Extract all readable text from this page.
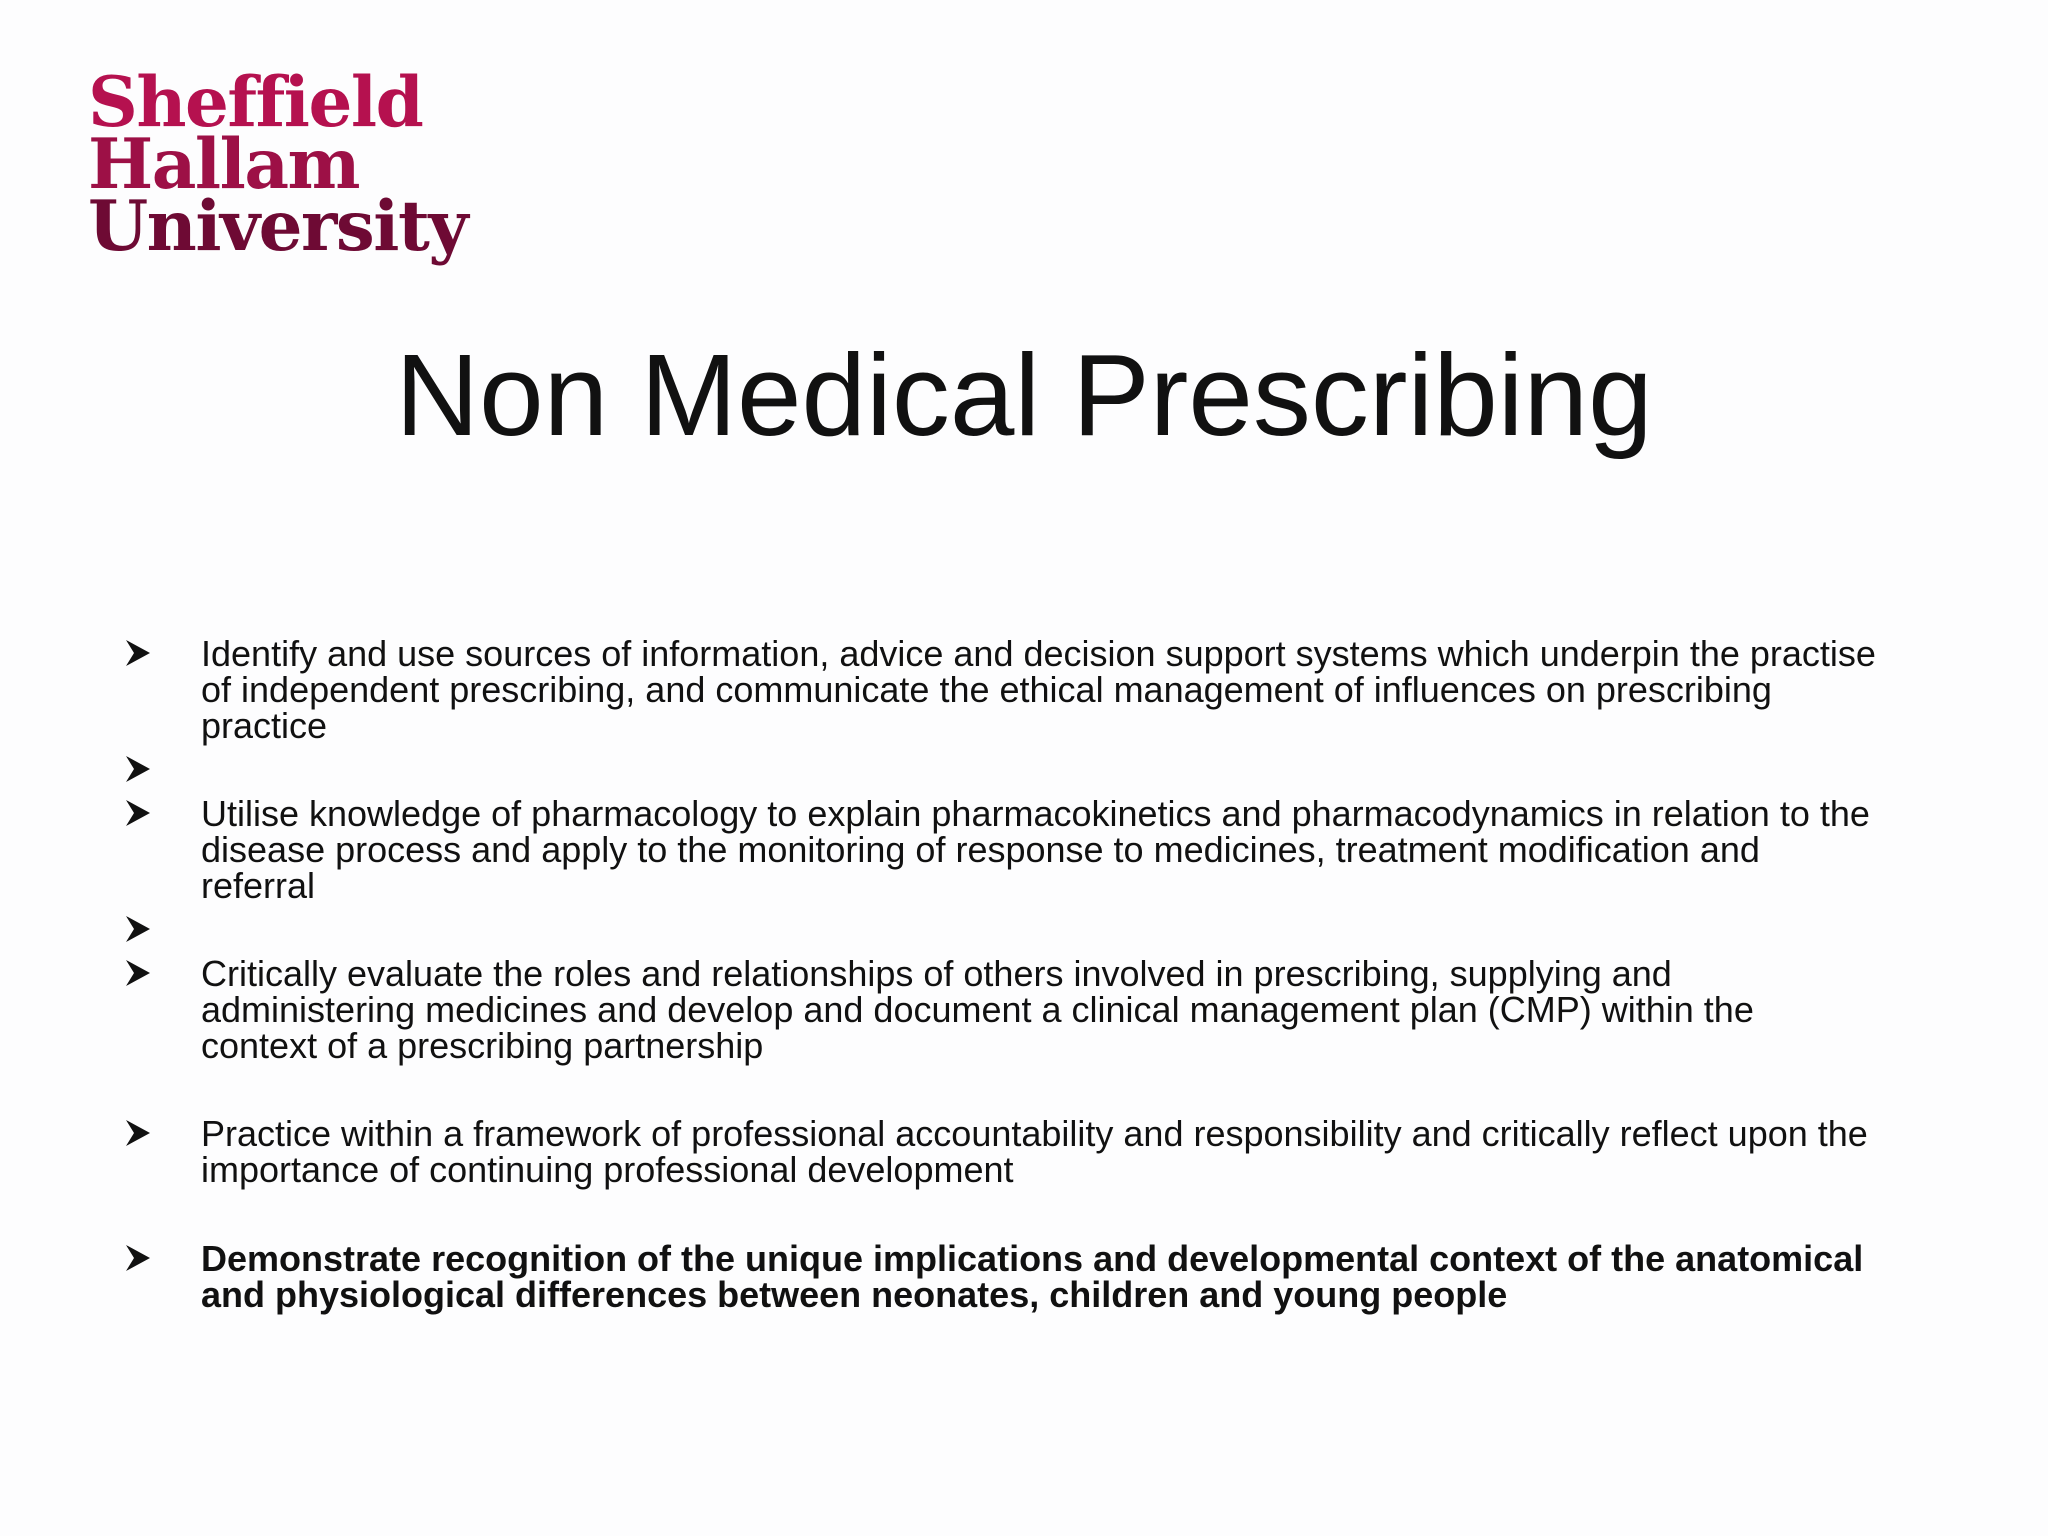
Sheffield
Hallam
University
Non Medical Prescribing
Identify and use sources of information, advice and decision support systems which underpin the practise
of independent prescribing, and communicate the ethical management of influences on prescribing
practice
Utilise knowledge of pharmacology to explain pharmacokinetics and pharmacodynamics in relation to the
disease process and apply to the monitoring of response to medicines, treatment modification and
referral
Critically evaluate the roles and relationships of others involved in prescribing, supplying and
administering medicines and develop and document a clinical management plan (CMP) within the
context of a prescribing partnership
Practice within a framework of professional accountability and responsibility and critically reflect upon the
importance of continuing professional development
Demonstrate recognition of the unique implications and developmental context of the anatomical
and physiological differences between neonates, children and young people
